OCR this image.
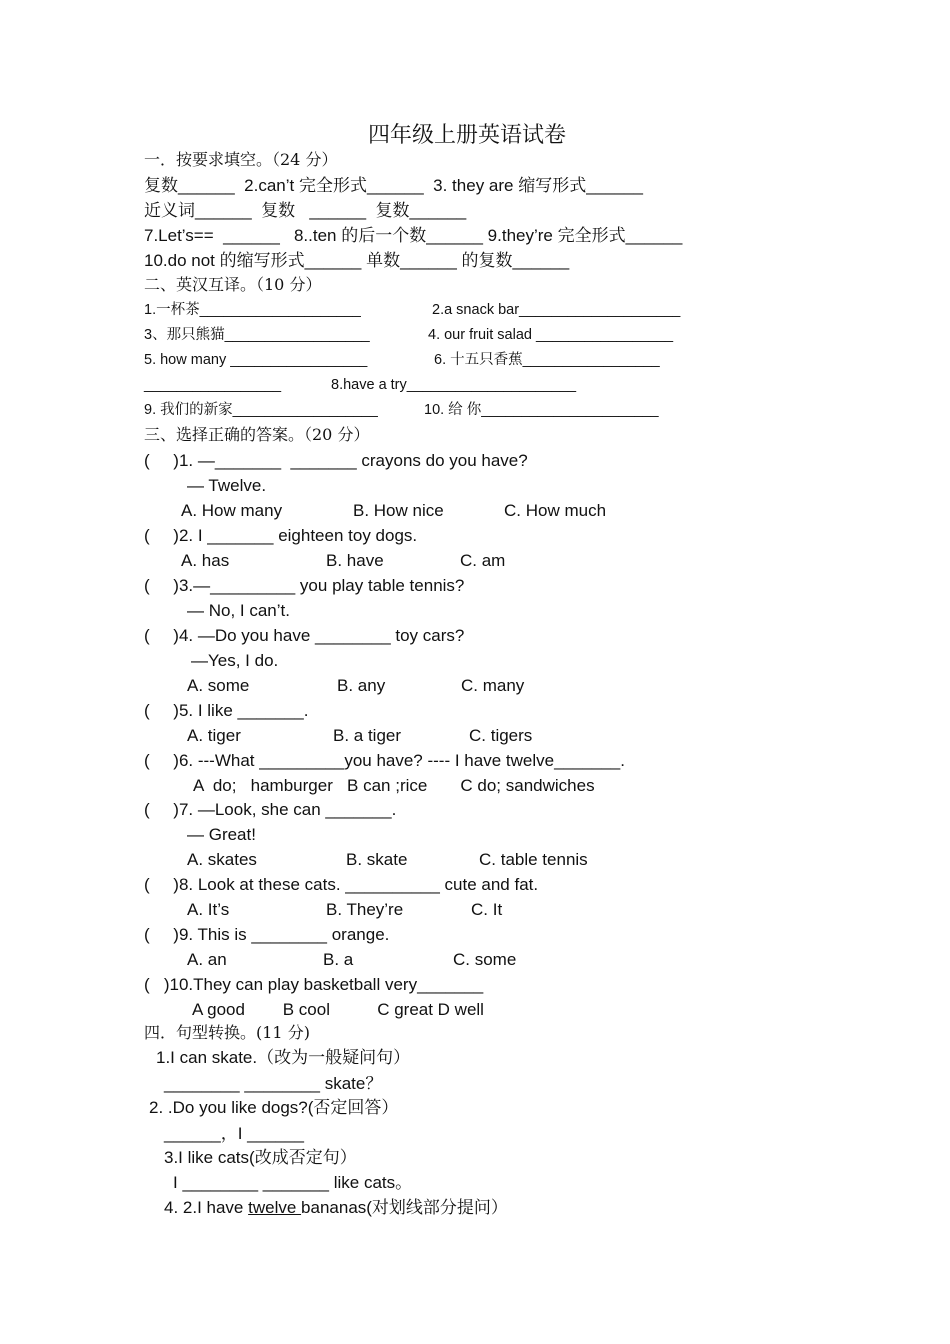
四年级上册英语试卷
一．按要求填空。（24 分）
复数______  2.can’t 完全形式______  3. they are 缩写形式______
近义词______  复数   ______  复数______
7.Let’s==  ______   8..ten 的后一个数______ 9.they’re 完全形式______
10.do not 的缩写形式______ 单数______ 的复数______
二、英汉互译。（10 分）
1.一杯茶____________________	2.a snack bar____________________
3、那只熊猫__________________	4. our fruit salad _________________
5. how many _________________	6. 十五只香蕉_________________
_________________	8.have a try_____________________
9. 我们的新家__________________	10. 给 你______________________
三、选择正确的答案。（20 分）
(     )1. —_______  _______ crayons do you have?
— Twelve.
A. How many	B. How nice	C. How much
(     )2. I _______ eighteen toy dogs.
A. has	B. have	C. am
(     )3.—_________ you play table tennis?
— No, I can’t.
(     )4. —Do you have ________ toy cars?
—Yes, I do.
A. some	B. any	C. many
(     )5. I like _______.
A. tiger	B. a tiger	C. tigers
(     )6. ---What _________you have? ---- I have twelve_______.
A  do;   hamburger   B can ;rice       C do; sandwiches
(     )7. —Look, she can _______.
— Great!
A. skates	B. skate	C. table tennis
(     )8. Look at these cats. __________ cute and fat.
A. It’s	B. They’re	C. It
(     )9. This is ________ orange.
A. an	B. a	C. some
(   )10.They can play basketball very_______
A good        B cool          C great D well
四．句型转换。(11 分)
1.I can skate.（改为一般疑问句）
________ ________ skate？
2. .Do you like dogs?(否定回答）
______，I ______
3.I like cats(改成否定句）
I ________ _______ like cats。
4. 2.I have twelve bananas(对划线部分提问）
